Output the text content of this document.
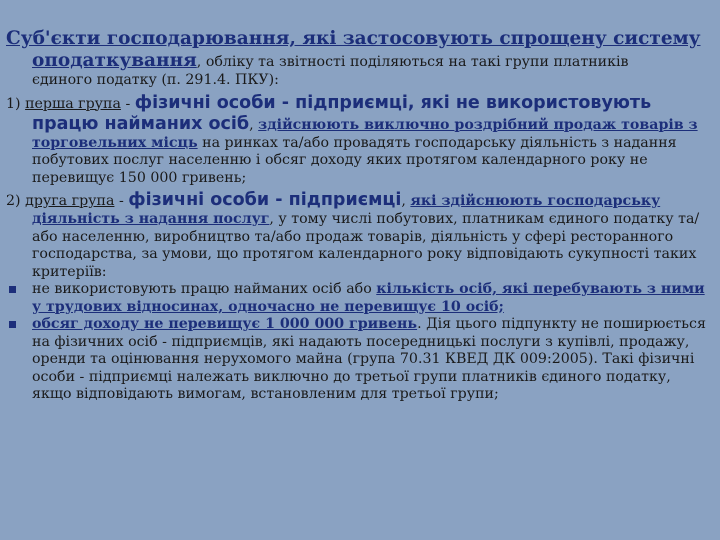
Суб'єкти господарювання, які застосовують спрощену систему
оподаткування, обліку та звітності поділяються на такі групи платників
єдиного податку (п. 291.4. ПКУ):

1) перша група - фізичні особи - підприємці, які не використовують працю найманих осіб, здійснюють виключно роздрібний продаж товарів з торговельних місць на ринках та/або провадять господарську діяльність з надання побутових послуг населенню і обсяг доходу яких протягом календарного року не перевищує 150 000 гривень;

2) друга група - фізичні особи - підприємці, які здійснюють господарську діяльність з надання послуг, у тому числі побутових, платникам єдиного податку та/або населенню, виробництво та/або продаж товарів, діяльність у сфері ресторанного господарства, за умови, що протягом календарного року відповідають сукупності таких критеріїв:

не використовують працю найманих осіб або кількість осіб, які перебувають з ними у трудових відносинах, одночасно не перевищує 10 осіб;
обсяг доходу не перевищує 1 000 000 гривень. Дія цього підпункту не поширюється на фізичних осіб - підприємців, які надають посередницькі послуги з купівлі, продажу, оренди та оцінювання нерухомого майна (група 70.31 КВЕД ДК 009:2005). Такі фізичні особи - підприємці належать виключно до третьої групи платників єдиного податку, якщо відповідають вимогам, встановленим для третьої групи;
